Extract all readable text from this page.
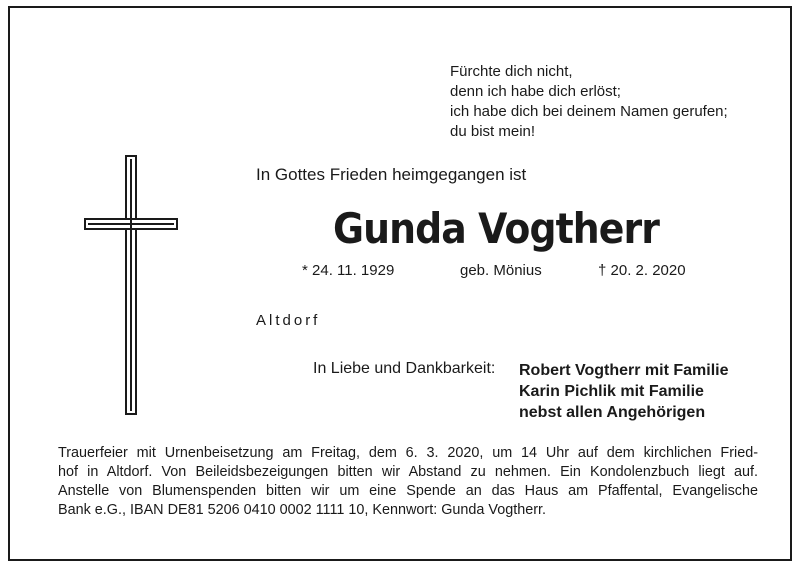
Fürchte dich nicht,
denn ich habe dich erlöst;
ich habe dich bei deinem Namen gerufen;
du bist mein!
In Gottes Frieden heimgegangen ist
Gunda Vogtherr
* 24. 11. 1929	geb. Mönius	† 20. 2. 2020
Altdorf
In Liebe und Dankbarkeit: Robert Vogtherr mit Familie
Karin Pichlik mit Familie
nebst allen Angehörigen
Trauerfeier mit Urnenbeisetzung am Freitag, dem 6. 3. 2020, um 14 Uhr auf dem kirchlichen Fried-
hof in Altdorf. Von Beileidsbezeigungen bitten wir Abstand zu nehmen. Ein Kondolenzbuch liegt auf.
Anstelle von Blumenspenden bitten wir um eine Spende an das Haus am Pfaffental, Evangelische
Bank e.G., IBAN DE81 5206 0410 0002 1111 10, Kennwort: Gunda Vogtherr.
